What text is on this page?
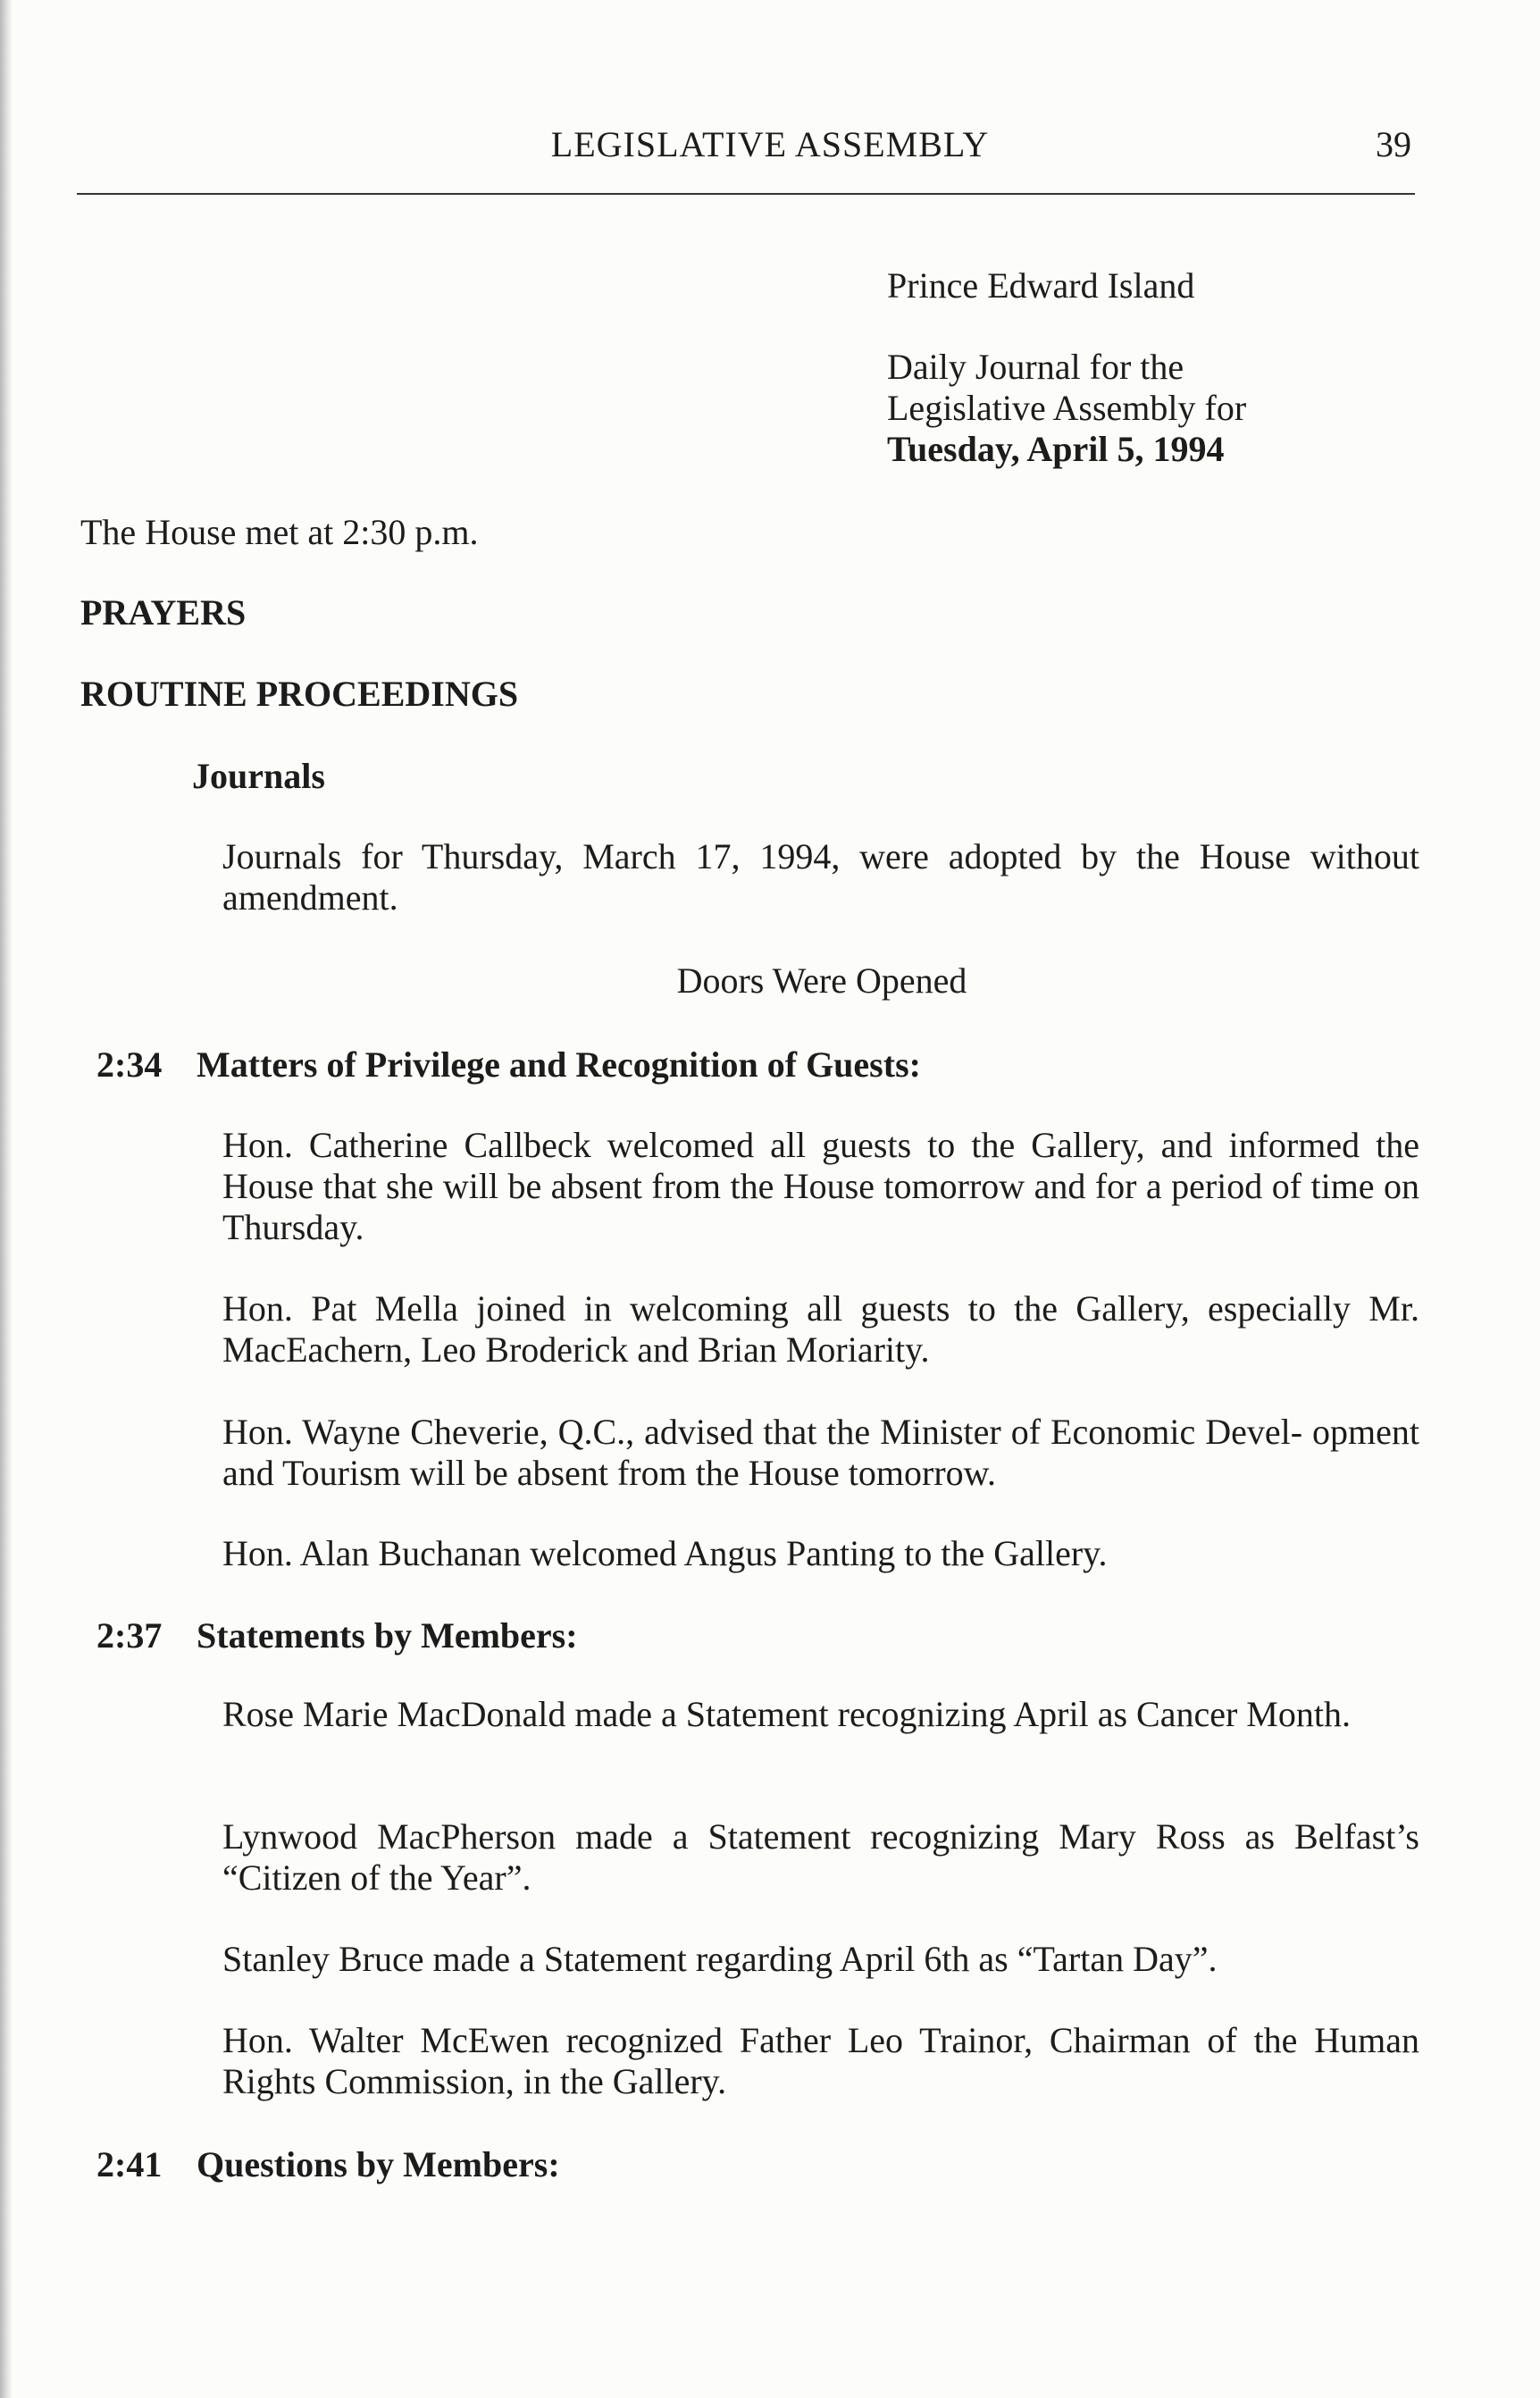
LEGISLATIVE ASSEMBLY	39
Prince Edward Island
Daily Journal for the
Legislative Assembly for
Tuesday, April 5, 1994
The House met at 2:30 p.m.
PRAYERS
ROUTINE PROCEEDINGS
Journals
Journals for Thursday, March 17, 1994, were adopted by the House without amendment.
Doors Were Opened
2:34 Matters of Privilege and Recognition of Guests:
Hon. Catherine Callbeck welcomed all guests to the Gallery, and informed the House that she will be absent from the House tomorrow and for a period of time on Thursday.
Hon. Pat Mella joined in welcoming all guests to the Gallery, especially Mr. MacEachern, Leo Broderick and Brian Moriarity.
Hon. Wayne Cheverie, Q.C., advised that the Minister of Economic Devel- opment and Tourism will be absent from the House tomorrow.
Hon. Alan Buchanan welcomed Angus Panting to the Gallery.
2:37 Statements by Members:
Rose Marie MacDonald made a Statement recognizing April as Cancer Month.
Lynwood MacPherson made a Statement recognizing Mary Ross as Belfast’s “Citizen of the Year”.
Stanley Bruce made a Statement regarding April 6th as “Tartan Day”.
Hon. Walter McEwen recognized Father Leo Trainor, Chairman of the Human Rights Commission, in the Gallery.
2:41 Questions by Members:
